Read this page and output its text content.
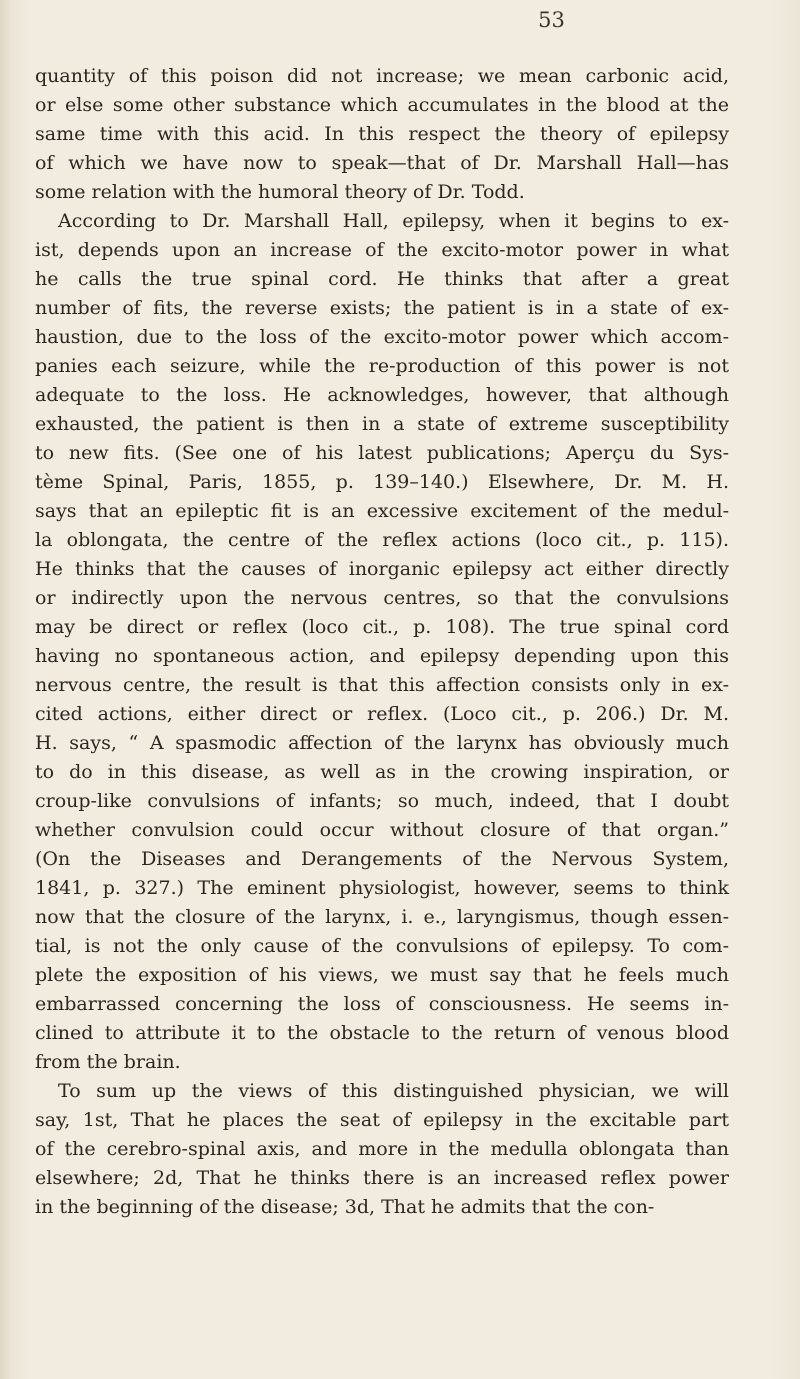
53
quantity of this poison did not increase; we mean carbonic acid,
or else some other substance which accumulates in the blood at the
same time with this acid. In this respect the theory of epilepsy
of which we have now to speak—that of Dr. Marshall Hall—has
some relation with the humoral theory of Dr. Todd.
According to Dr. Marshall Hall, epilepsy, when it begins to ex-
ist, depends upon an increase of the excito-motor power in what
he calls the true spinal cord. He thinks that after a great
number of fits, the reverse exists; the patient is in a state of ex-
haustion, due to the loss of the excito-motor power which accom-
panies each seizure, while the re-production of this power is not
adequate to the loss. He acknowledges, however, that although
exhausted, the patient is then in a state of extreme susceptibility
to new fits. (See one of his latest publications; Aperçu du Sys-
tème Spinal, Paris, 1855, p. 139–140.) Elsewhere, Dr. M. H.
says that an epileptic fit is an excessive excitement of the medul-
la oblongata, the centre of the reflex actions (loco cit., p. 115).
He thinks that the causes of inorganic epilepsy act either directly
or indirectly upon the nervous centres, so that the convulsions
may be direct or reflex (loco cit., p. 108). The true spinal cord
having no spontaneous action, and epilepsy depending upon this
nervous centre, the result is that this affection consists only in ex-
cited actions, either direct or reflex. (Loco cit., p. 206.) Dr. M.
H. says, “ A spasmodic affection of the larynx has obviously much
to do in this disease, as well as in the crowing inspiration, or
croup-like convulsions of infants; so much, indeed, that I doubt
whether convulsion could occur without closure of that organ.”
(On the Diseases and Derangements of the Nervous System,
1841, p. 327.) The eminent physiologist, however, seems to think
now that the closure of the larynx, i. e., laryngismus, though essen-
tial, is not the only cause of the convulsions of epilepsy. To com-
plete the exposition of his views, we must say that he feels much
embarrassed concerning the loss of consciousness. He seems in-
clined to attribute it to the obstacle to the return of venous blood
from the brain.
To sum up the views of this distinguished physician, we will
say, 1st, That he places the seat of epilepsy in the excitable part
of the cerebro-spinal axis, and more in the medulla oblongata than
elsewhere; 2d, That he thinks there is an increased reflex power
in the beginning of the disease; 3d, That he admits that the con-
